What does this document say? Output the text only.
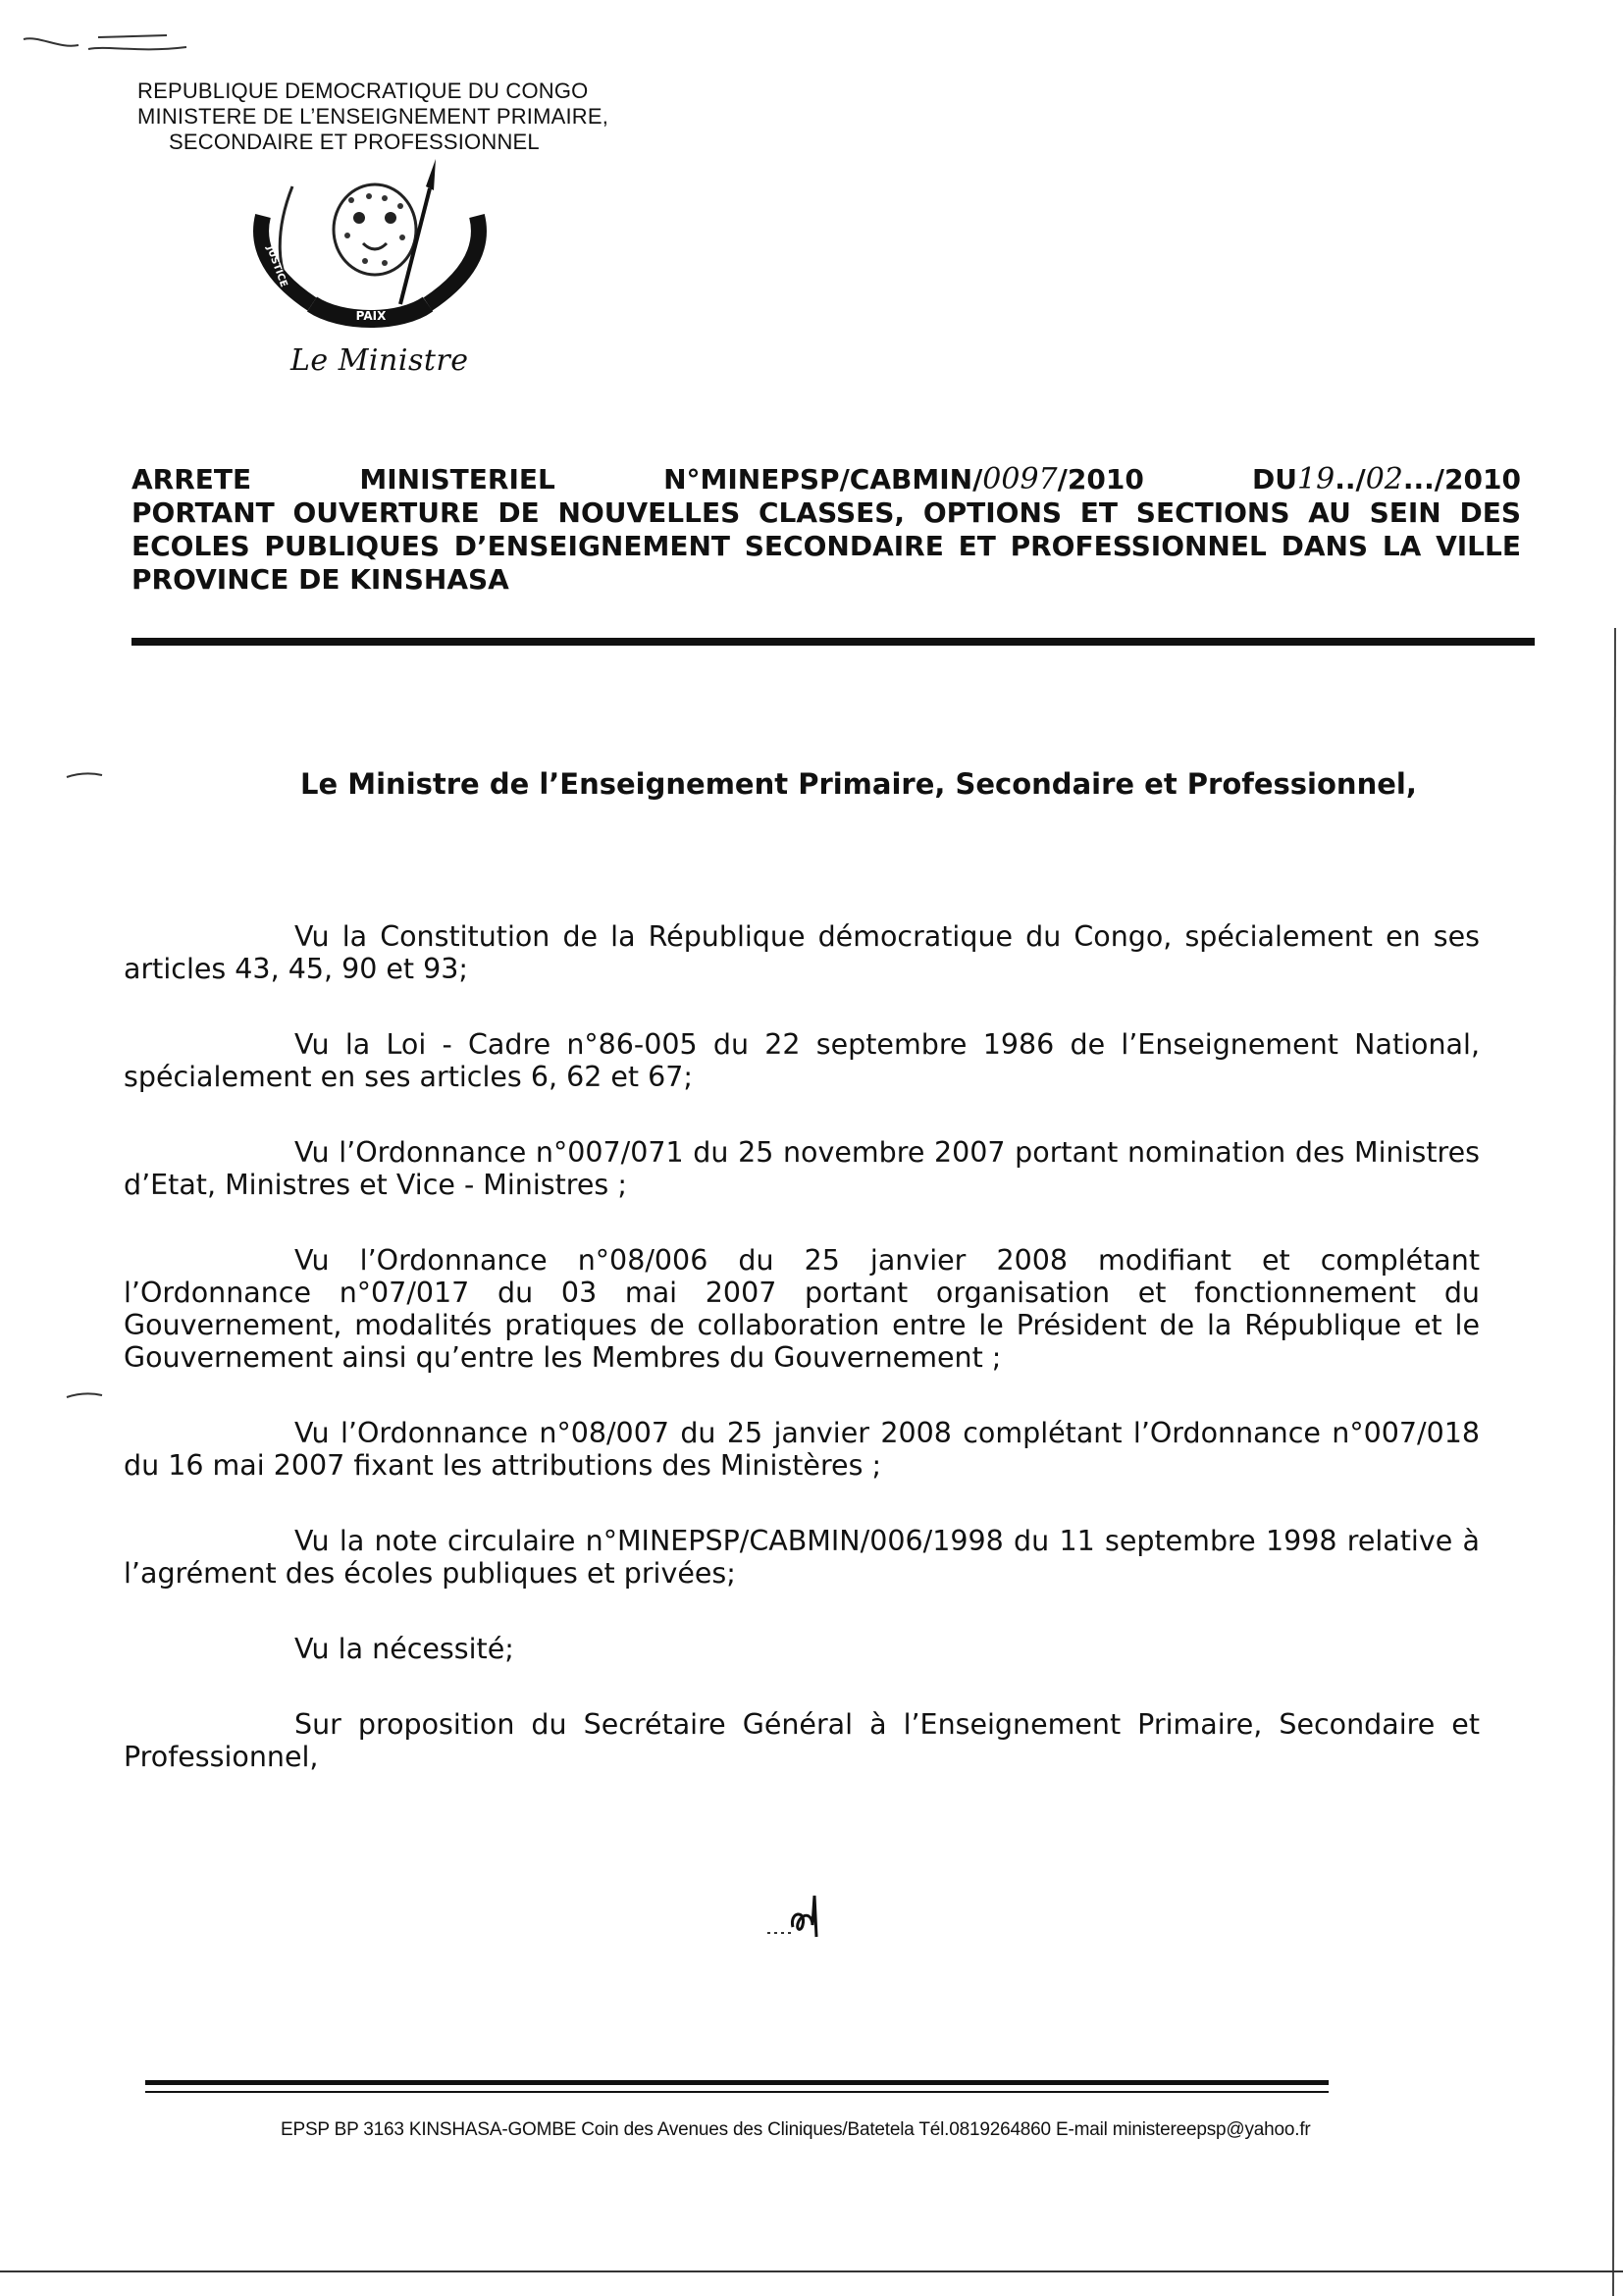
REPUBLIQUE DEMOCRATIQUE DU CONGO
MINISTERE DE L’ENSEIGNEMENT PRIMAIRE,
SECONDAIRE ET PROFESSIONNEL
PAIX
JUSTICE
TRAVAIL
Le Ministre
ARRETE	MINISTERIEL	N°MINEPSP/CABMIN/0097/2010	DU19../02.../2010
PORTANT OUVERTURE DE NOUVELLES CLASSES, OPTIONS ET SECTIONS AU SEIN DES ECOLES PUBLIQUES D’ENSEIGNEMENT SECONDAIRE ET PROFESSIONNEL DANS LA VILLE PROVINCE DE KINSHASA
Le Ministre de l’Enseignement Primaire, Secondaire et Professionnel,

Vu la Constitution de la République démocratique du Congo, spécialement en ses articles 43, 45, 90 et 93;

Vu la Loi - Cadre n°86-005 du 22 septembre 1986 de l’Enseignement National, spécialement en ses articles 6, 62 et 67;

Vu l’Ordonnance n°007/071 du 25 novembre 2007 portant nomination des Ministres d’Etat, Ministres et Vice - Ministres ;

Vu l’Ordonnance n°08/006 du 25 janvier 2008 modifiant et complétant l’Ordonnance n°07/017 du 03 mai 2007 portant organisation et fonctionnement du Gouvernement, modalités pratiques de collaboration entre le Président de la République et le Gouvernement ainsi qu’entre les Membres du Gouvernement ;

Vu l’Ordonnance n°08/007 du 25 janvier 2008 complétant l’Ordonnance n°007/018 du 16 mai 2007 fixant les attributions des Ministères ;

Vu la note circulaire n°MINEPSP/CABMIN/006/1998 du 11 septembre 1998 relative à l’agrément des écoles publiques et privées;

Vu la nécessité;

Sur proposition du Secrétaire Général à l’Enseignement Primaire, Secondaire et Professionnel,

EPSP BP 3163 KINSHASA-GOMBE Coin des Avenues des Cliniques/Batetela Tél.0819264860 E-mail ministereepsp@yahoo.fr
